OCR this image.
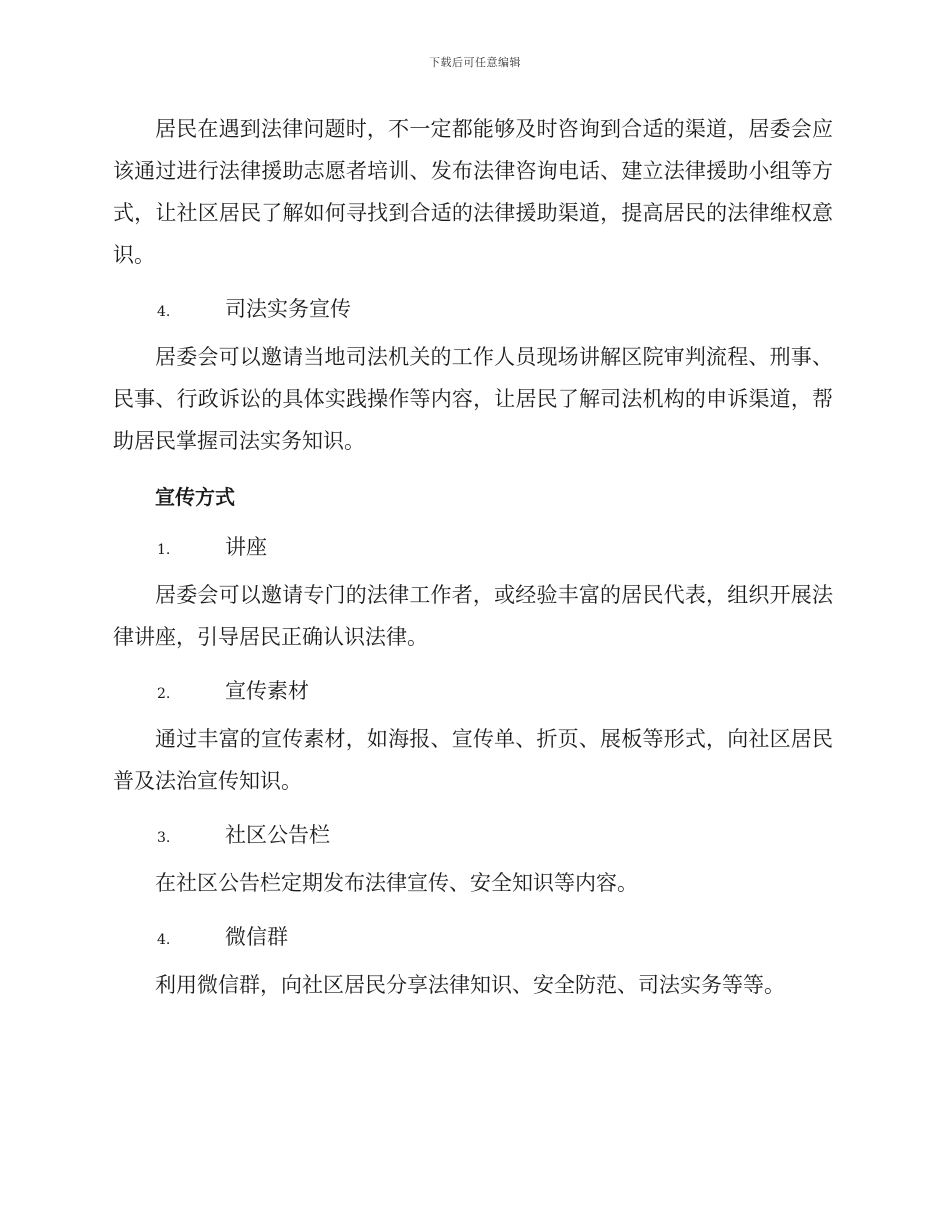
下载后可任意编辑

居民在遇到法律问题时，不一定都能够及时咨询到合适的渠道，居委会应该通过进行法律援助志愿者培训、发布法律咨询电话、建立法律援助小组等方式，让社区居民了解如何寻找到合适的法律援助渠道，提高居民的法律维权意识。

4.	司法实务宣传

居委会可以邀请当地司法机关的工作人员现场讲解区院审判流程、刑事、民事、行政诉讼的具体实践操作等内容，让居民了解司法机构的申诉渠道，帮助居民掌握司法实务知识。

宣传方式
1.	讲座

居委会可以邀请专门的法律工作者，或经验丰富的居民代表，组织开展法律讲座，引导居民正确认识法律。

2.	宣传素材

通过丰富的宣传素材，如海报、宣传单、折页、展板等形式，向社区居民普及法治宣传知识。

3.	社区公告栏

在社区公告栏定期发布法律宣传、安全知识等内容。

4.	微信群

利用微信群，向社区居民分享法律知识、安全防范、司法实务等等。
